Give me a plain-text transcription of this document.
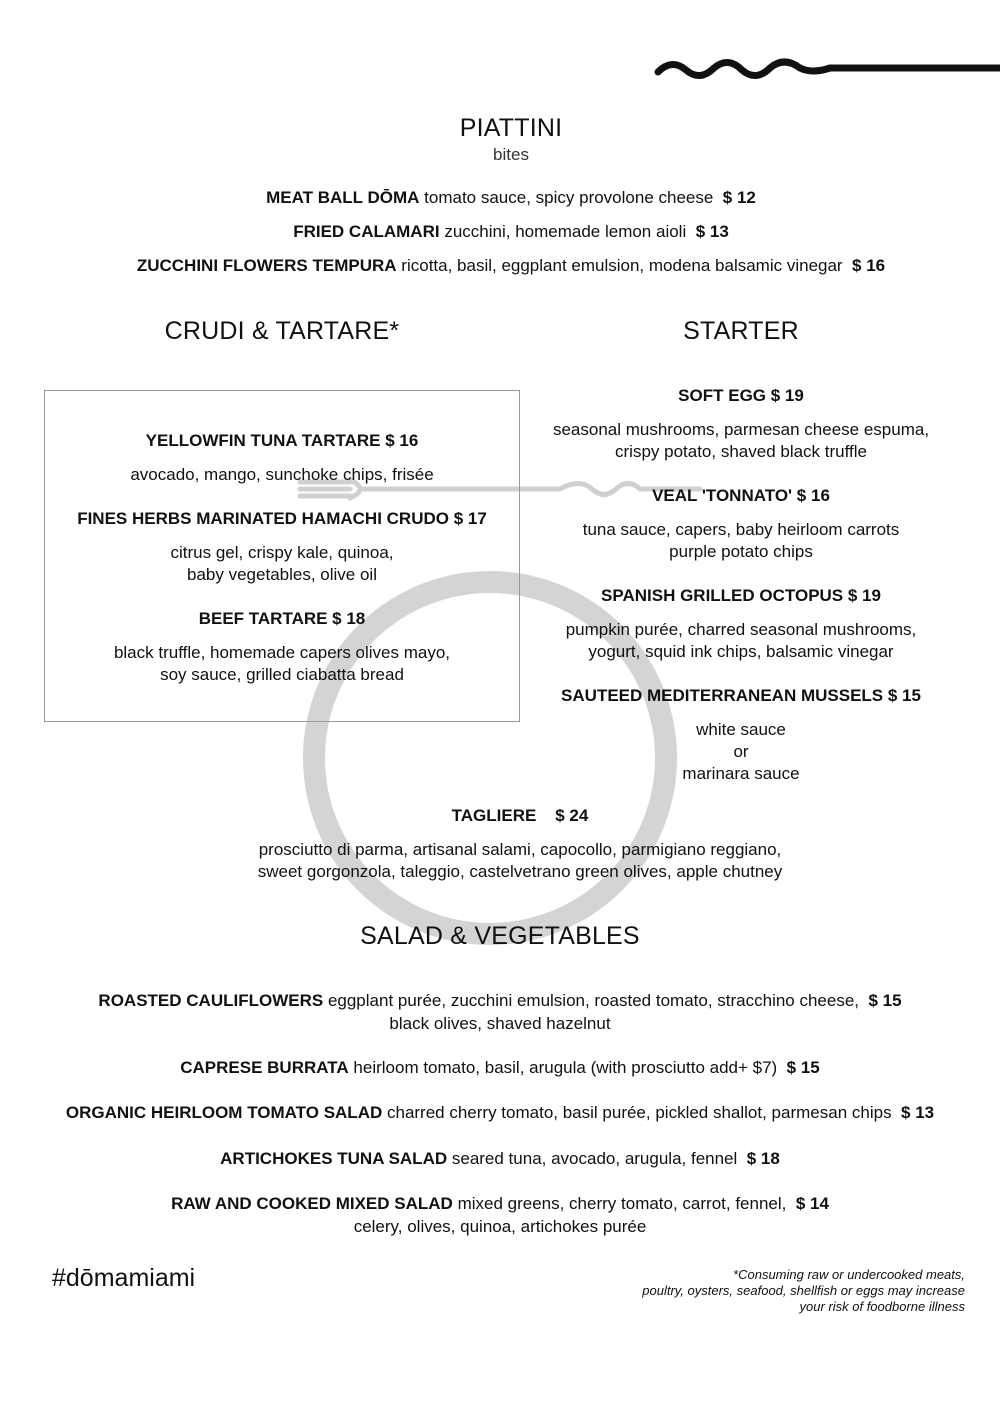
PIATTINI
bites
MEAT BALL DŌMA tomato sauce, spicy provolone cheese $ 12
FRIED CALAMARI zucchini, homemade lemon aioli $ 13
ZUCCHINI FLOWERS TEMPURA ricotta, basil, eggplant emulsion, modena balsamic vinegar $ 16
CRUDI & TARTARE*
YELLOWFIN TUNA TARTARE $ 16
avocado, mango, sunchoke chips, frisée
FINES HERBS MARINATED HAMACHI CRUDO $ 17
citrus gel, crispy kale, quinoa,
baby vegetables, olive oil
BEEF TARTARE $ 18
black truffle, homemade capers olives mayo,
soy sauce, grilled ciabatta bread
STARTER
SOFT EGG $ 19
seasonal mushrooms, parmesan cheese espuma,
crispy potato, shaved black truffle
VEAL 'TONNATO' $ 16
tuna sauce, capers, baby heirloom carrots
purple potato chips
SPANISH GRILLED OCTOPUS $ 19
pumpkin purée, charred seasonal mushrooms,
yogurt, squid ink chips, balsamic vinegar
SAUTEED MEDITERRANEAN MUSSELS $ 15
white sauce
or
marinara sauce
TAGLIERE    $ 24
prosciutto di parma, artisanal salami, capocollo, parmigiano reggiano,
sweet gorgonzola, taleggio, castelvetrano green olives, apple chutney
SALAD & VEGETABLES
ROASTED CAULIFLOWERS eggplant purée, zucchini emulsion, roasted tomato, stracchino cheese, $ 15
black olives, shaved hazelnut
CAPRESE BURRATA heirloom tomato, basil, arugula (with prosciutto add+ $7) $ 15
ORGANIC HEIRLOOM TOMATO SALAD charred cherry tomato, basil purée, pickled shallot, parmesan chips $ 13
ARTICHOKES TUNA SALAD seared tuna, avocado, arugula, fennel $ 18
RAW AND COOKED MIXED SALAD mixed greens, cherry tomato, carrot, fennel, $ 14
celery, olives, quinoa, artichokes purée
#dōmamiami	*Consuming raw or undercooked meats,
poultry, oysters, seafood, shellfish or eggs may increase
your risk of foodborne illness
